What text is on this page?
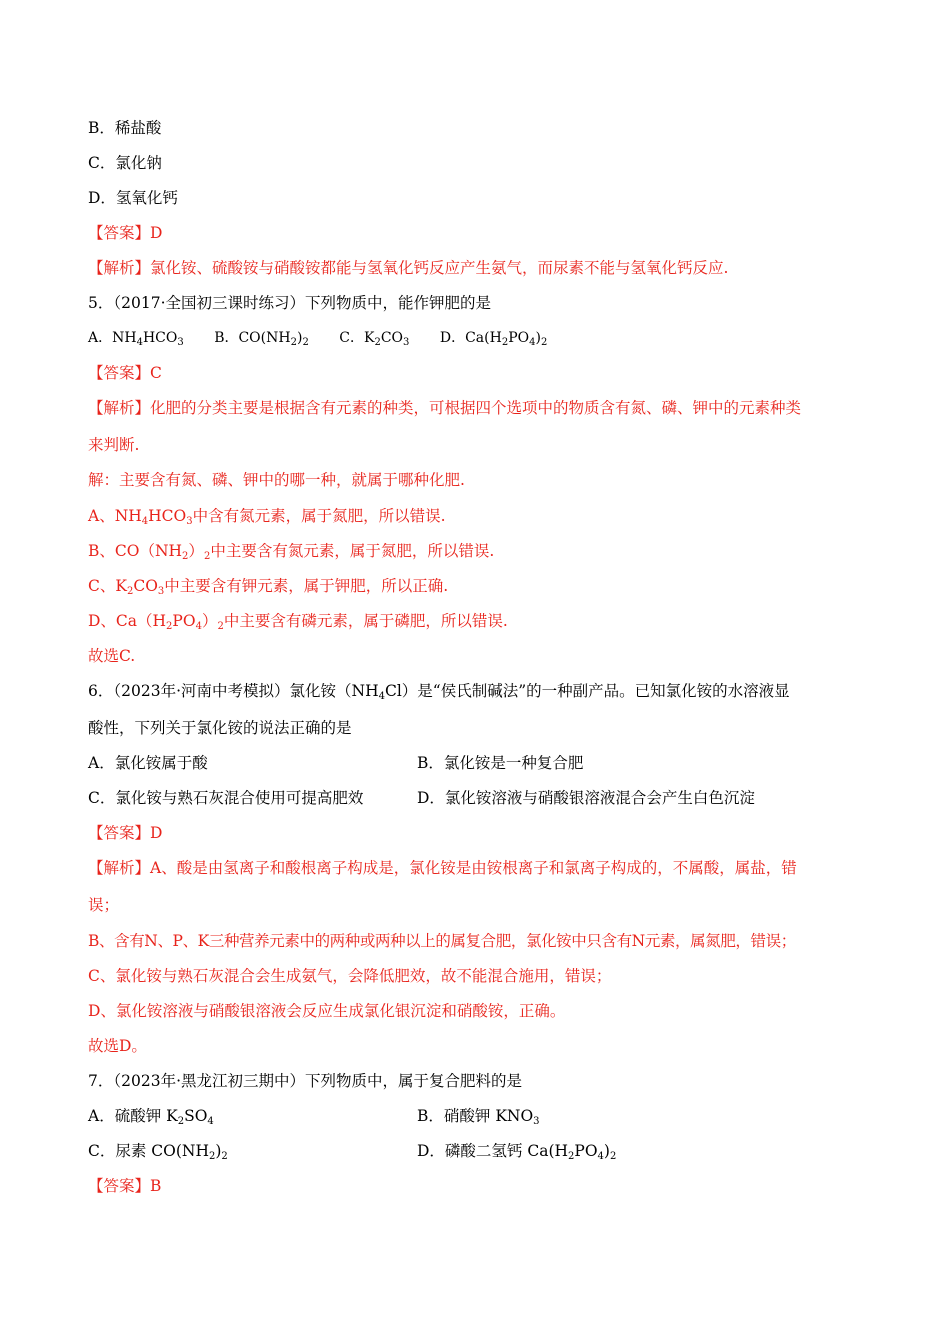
B．稀盐酸
C．氯化钠
D．氢氧化钙
【答案】D
【解析】氯化铵、硫酸铵与硝酸铵都能与氢氧化钙反应产生氨气，而尿素不能与氢氧化钙反应.
5．（2017·全国初三课时练习）下列物质中，能作钾肥的是
A．$NH_4HCO_3$ B．$CO(NH_2)_2$ C．$K_2CO_3$ D．$Ca(H_2PO_4)_2$
【答案】C
【解析】化肥的分类主要是根据含有元素的种类，可根据四个选项中的物质含有氮、磷、钾中的元素种类
来判断.
解：主要含有氮、磷、钾中的哪一种，就属于哪种化肥.
A、$NH_4HCO_3$中含有氮元素，属于氮肥，所以错误.
B、$CO(NH_2)_2$中主要含有氮元素，属于氮肥，所以错误.
C、$K_2CO_3$中主要含有钾元素，属于钾肥，所以正确.
D、$Ca(H_2PO_4)_2$中主要含有磷元素，属于磷肥，所以错误.
故选C.
6．（2023年·河南中考模拟）氯化铵$(NH_4Cl)$是“侯氏制碱法”的一种副产品。已知氯化铵的水溶液显
酸性，下列关于氯化铵的说法正确的是
A．氯化铵属于酸	B．氯化铵是一种复合肥
C．氯化铵与熟石灰混合使用可提高肥效	D．氯化铵溶液与硝酸银溶液混合会产生白色沉淀
【答案】D
【解析】A、酸是由氢离子和酸根离子构成是，氯化铵是由铵根离子和氯离子构成的，不属酸，属盐，错
误；
B、含有N、P、K三种营养元素中的两种或两种以上的属复合肥，氯化铵中只含有N元素，属氮肥，错误；
C、氯化铵与熟石灰混合会生成氨气，会降低肥效，故不能混合施用，错误；
D、氯化铵溶液与硝酸银溶液会反应生成氯化银沉淀和硝酸铵，正确。
故选D。
7．（2023年·黑龙江初三期中）下列物质中，属于复合肥料的是
A．硫酸钾 $K_2SO_4$	B．硝酸钾 $KNO_3$
C．尿素 $CO(NH_2)_2$	D．磷酸二氢钙 $Ca(H_2PO_4)_2$
【答案】B
